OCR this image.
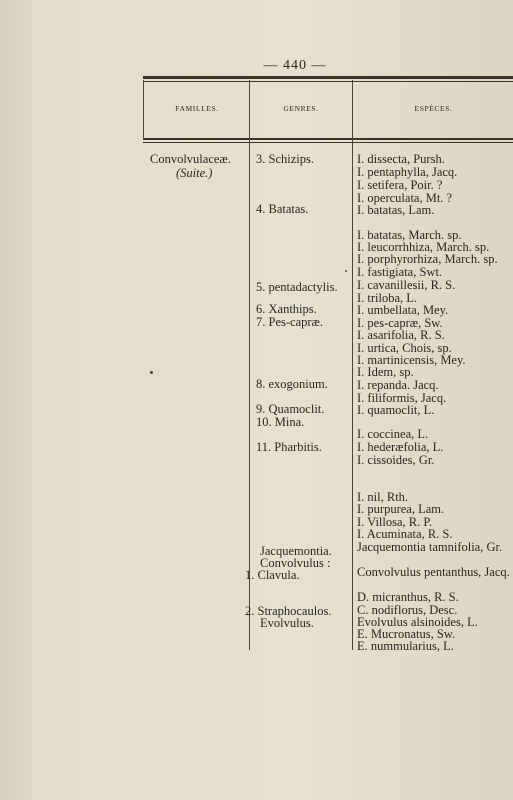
— 440 —
FAMILLES.	GENRES.	ESPÈCES.
Convolvulaceæ.
(Suite.)
3. Schizips.
4. Batatas.
5. pentadactylis.
6. Xanthips.
7. Pes-capræ.
8. exogonium.
9. Quamoclit.
10. Mina.
11. Pharbitis.
Jacquemontia.
Convolvulus :
1. Clavula.
2. Straphocaulos.
Evolvulus.
I. dissecta, Pursh.
I. pentaphylla, Jacq.
I. setifera, Poir. ?
I. operculata, Mt. ?
I. batatas, Lam.
I. batatas, March. sp.
I. leucorrhhiza, March. sp.
I. porphyrorhiza, March. sp.
I. fastigiata, Swt.
I. cavanillesii, R. S.
I. triloba, L.
I. umbellata, Mey.
I. pes-capræ, Sw.
I. asarifolia, R. S.
I. urtica, Chois, sp.
I. martinicensis, Mey.
I. Idem, sp.
I. repanda. Jacq.
I. filiformis, Jacq.
I. quamoclit, L.
I. coccinea, L.
I. hederæfolia, L.
I. cissoides, Gr.
I. nil, Rth.
I. purpurea, Lam.
I. Villosa, R. P.
I. Acuminata, R. S.
Jacquemontia tamnifolia, Gr.
Convolvulus pentanthus, Jacq.
D. micranthus, R. S.
C. nodiflorus, Desc.
Evolvulus alsinoides, L.
E. Mucronatus, Sw.
E. nummularius, L.
